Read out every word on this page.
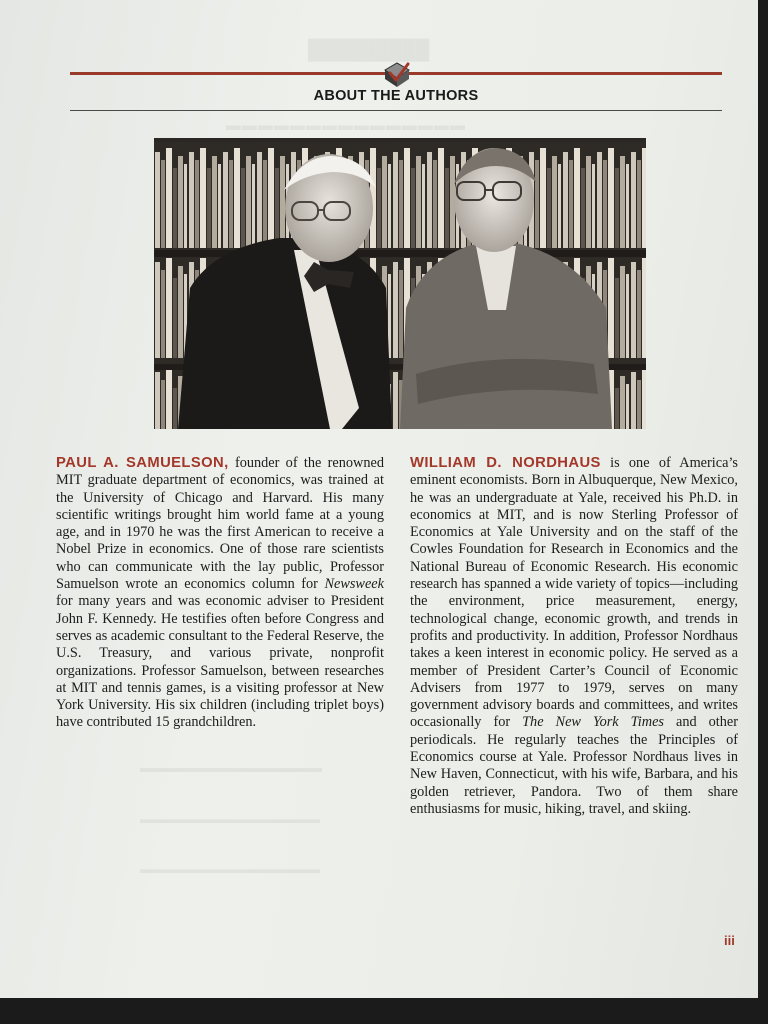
█████████
▬▬▬▬▬▬▬▬▬▬▬▬▬▬▬
▬▬▬▬▬▬▬▬▬▬▬▬▬▬
▬▬▬▬▬▬▬▬▬▬▬▬▬▬▬
▬▬▬▬▬▬▬▬▬▬▬▬▬▬▬
ABOUT THE AUTHORS
PAUL A. SAMUELSON, founder of the renowned MIT graduate department of economics, was trained at the University of Chicago and Harvard. His many scientific writings brought him world fame at a young age, and in 1970 he was the first American to receive a Nobel Prize in economics. One of those rare scientists who can communicate with the lay public, Professor Samuelson wrote an economics column for Newsweek for many years and was economic adviser to President John F. Kennedy. He testifies often before Congress and serves as academic consultant to the Federal Reserve, the U.S. Treasury, and various private, nonprofit organizations. Professor Samuelson, between researches at MIT and tennis games, is a visiting professor at New York University. His six children (including triplet boys) have contributed 15 grandchildren.
WILLIAM D. NORDHAUS is one of America’s eminent economists. Born in Albuquerque, New Mexico, he was an undergraduate at Yale, received his Ph.D. in economics at MIT, and is now Sterling Professor of Economics at Yale University and on the staff of the Cowles Foundation for Research in Economics and the National Bureau of Economic Research. His economic research has spanned a wide variety of topics—including the environment, price measurement, energy, technological change, economic growth, and trends in profits and productivity. In addition, Professor Nordhaus takes a keen interest in economic policy. He served as a member of President Carter’s Council of Economic Advisers from 1977 to 1979, serves on many government advisory boards and committees, and writes occasionally for The New York Times and other periodicals. He regularly teaches the Principles of Economics course at Yale. Professor Nordhaus lives in New Haven, Connecticut, with his wife, Barbara, and his golden retriever, Pandora. Two of them share enthusiasms for music, hiking, travel, and skiing.
iii
